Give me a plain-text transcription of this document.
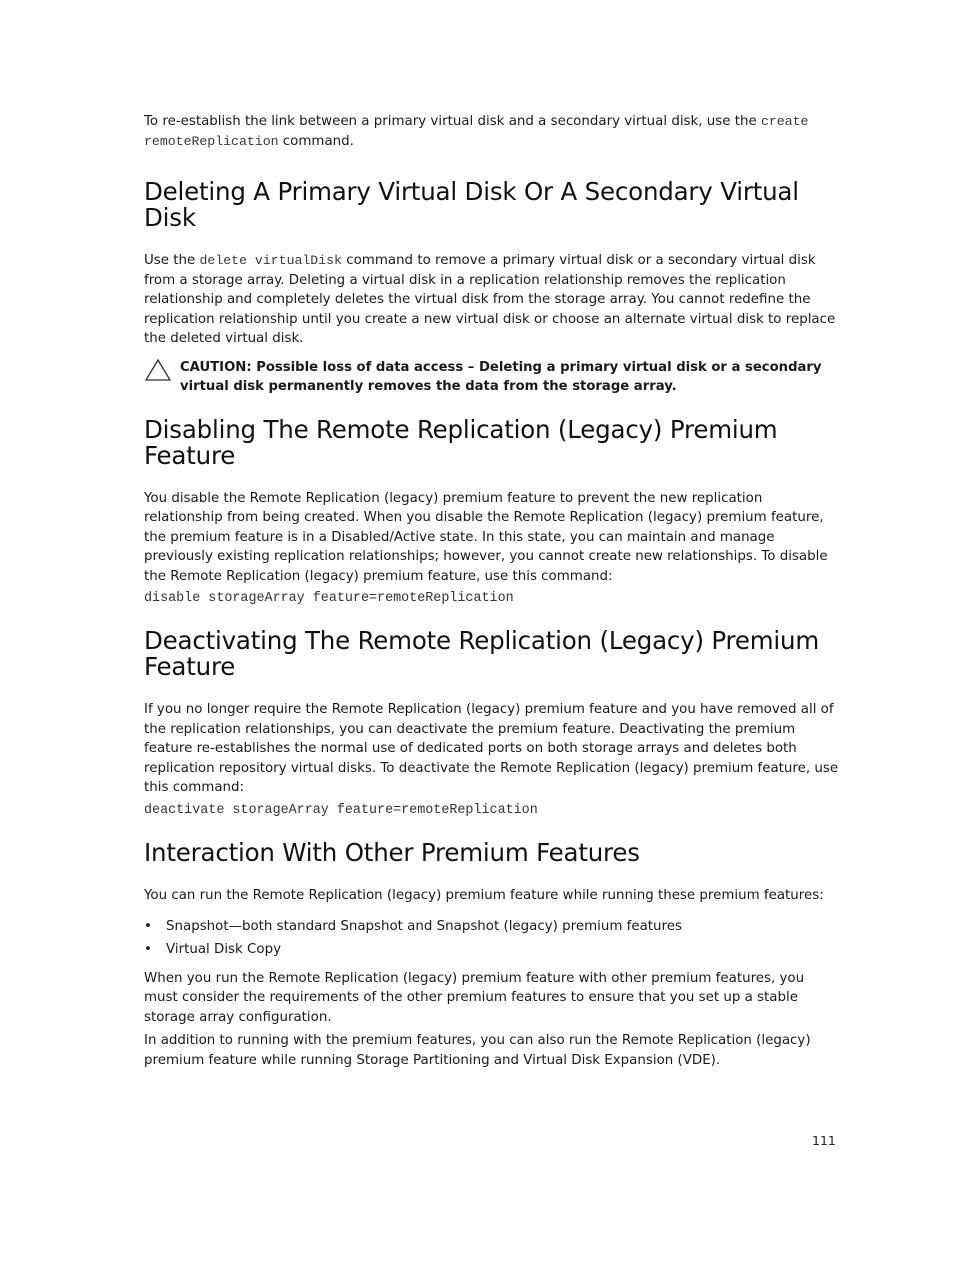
To re-establish the link between a primary virtual disk and a secondary virtual disk, use the create remoteReplication command.

Deleting A Primary Virtual Disk Or A Secondary Virtual Disk

Use the delete virtualDisk command to remove a primary virtual disk or a secondary virtual disk from a storage array. Deleting a virtual disk in a replication relationship removes the replication relationship and completely deletes the virtual disk from the storage array. You cannot redefine the replication relationship until you create a new virtual disk or choose an alternate virtual disk to replace the deleted virtual disk.

CAUTION: Possible loss of data access – Deleting a primary virtual disk or a secondary virtual disk permanently removes the data from the storage array.

Disabling The Remote Replication (Legacy) Premium Feature

You disable the Remote Replication (legacy) premium feature to prevent the new replication relationship from being created. When you disable the Remote Replication (legacy) premium feature, the premium feature is in a Disabled/Active state. In this state, you can maintain and manage previously existing replication relationships; however, you cannot create new relationships. To disable the Remote Replication (legacy) premium feature, use this command:

disable storageArray feature=remoteReplication
Deactivating The Remote Replication (Legacy) Premium Feature

If you no longer require the Remote Replication (legacy) premium feature and you have removed all of the replication relationships, you can deactivate the premium feature. Deactivating the premium feature re-establishes the normal use of dedicated ports on both storage arrays and deletes both replication repository virtual disks. To deactivate the Remote Replication (legacy) premium feature, use this command:

deactivate storageArray feature=remoteReplication
Interaction With Other Premium Features

You can run the Remote Replication (legacy) premium feature while running these premium features:

• Snapshot—both standard Snapshot and Snapshot (legacy) premium features
• Virtual Disk Copy

When you run the Remote Replication (legacy) premium feature with other premium features, you must consider the requirements of the other premium features to ensure that you set up a stable storage array configuration.

In addition to running with the premium features, you can also run the Remote Replication (legacy) premium feature while running Storage Partitioning and Virtual Disk Expansion (VDE).

111
